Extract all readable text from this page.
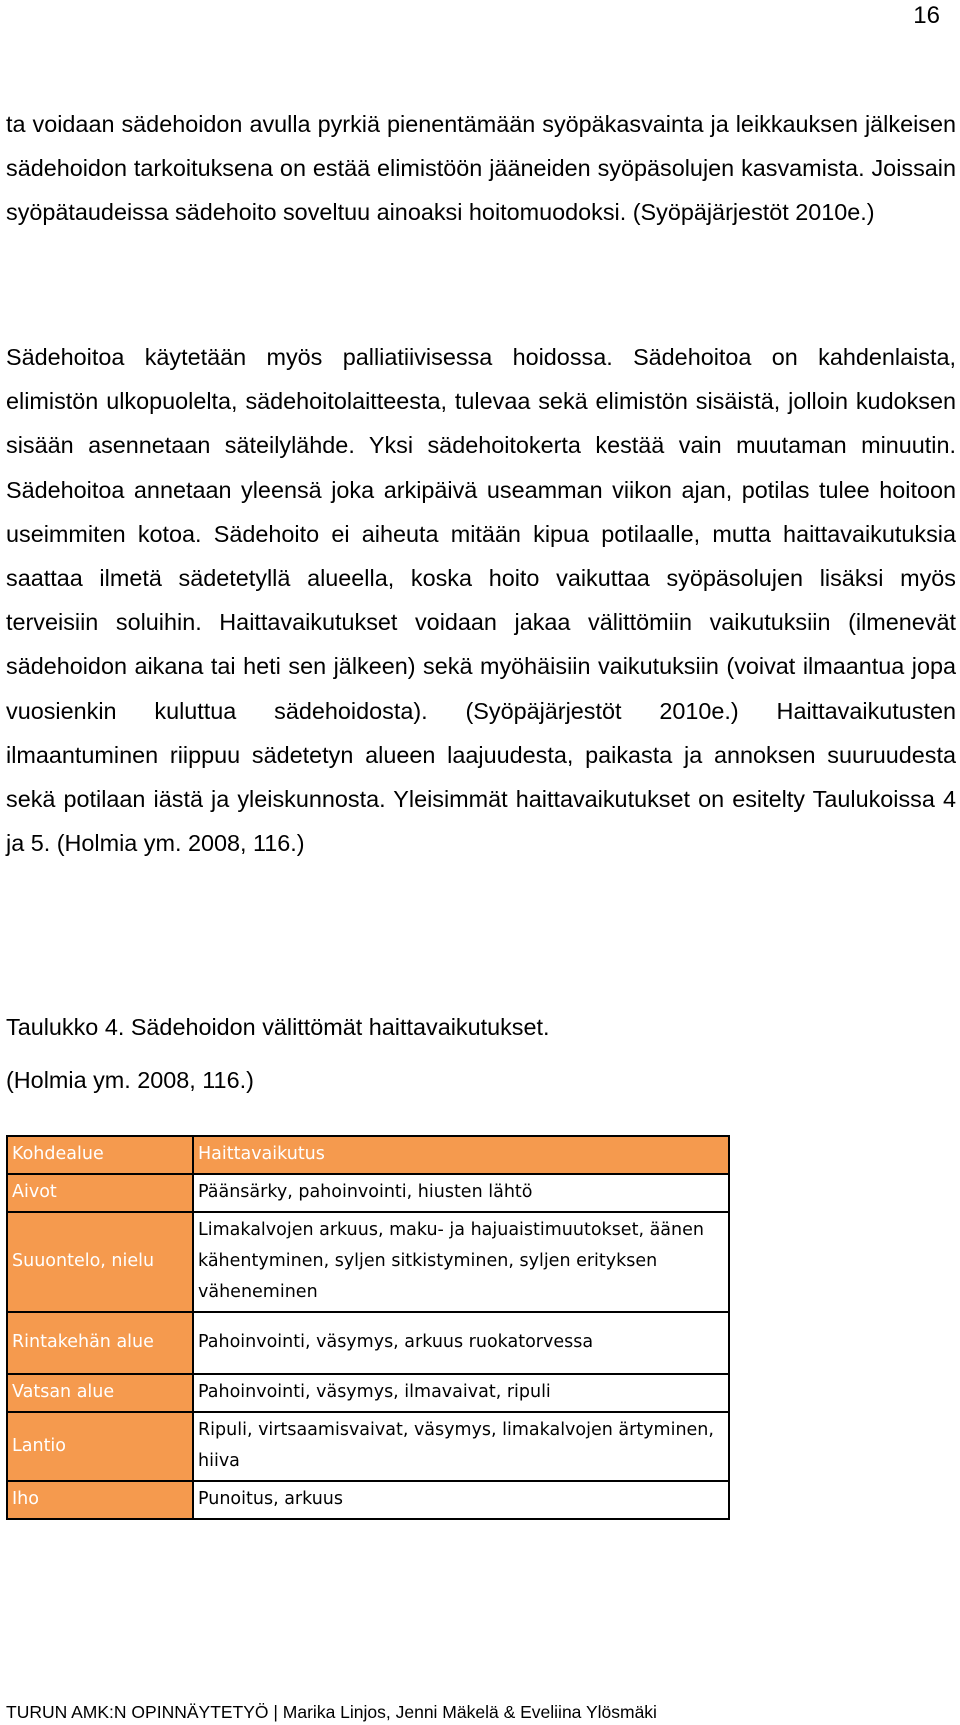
16

ta voidaan sädehoidon avulla pyrkiä pienentämään syöpäkasvainta ja leikkauksen jälkeisen sädehoidon tarkoituksena on estää elimistöön jääneiden syöpäsolujen kasvamista. Joissain syöpätaudeissa sädehoito soveltuu ainoaksi hoitomuodoksi. (Syöpäjärjestöt 2010e.)

Sädehoitoa käytetään myös palliatiivisessa hoidossa. Sädehoitoa on kahdenlaista, elimistön ulkopuolelta, sädehoitolaitteesta, tulevaa sekä elimistön sisäistä, jolloin kudoksen sisään asennetaan säteilylähde. Yksi sädehoitokerta kestää vain muutaman minuutin. Sädehoitoa annetaan yleensä joka arkipäivä useamman viikon ajan, potilas tulee hoitoon useimmiten kotoa. Sädehoito ei aiheuta mitään kipua potilaalle, mutta haittavaikutuksia saattaa ilmetä sädetetyllä alueella, koska hoito vaikuttaa syöpäsolujen lisäksi myös terveisiin soluihin. Haittavaikutukset voidaan jakaa välittömiin vaikutuksiin (ilmenevät sädehoidon aikana tai heti sen jälkeen) sekä myöhäisiin vaikutuksiin (voivat ilmaantua jopa vuosienkin kuluttua sädehoidosta). (Syöpäjärjestöt 2010e.) Haittavaikutusten ilmaantuminen riippuu sädetetyn alueen laajuudesta, paikasta ja annoksen suuruudesta sekä potilaan iästä ja yleiskunnosta. Yleisimmät haittavaikutukset on esitelty Taulukoissa 4 ja 5. (Holmia ym. 2008, 116.)

Taulukko 4. Sädehoidon välittömät haittavaikutukset.

(Holmia ym. 2008, 116.)

Kohdealue	Haittavaikutus
Aivot	Päänsärky, pahoinvointi, hiusten lähtö
Suuontelo, nielu	Limakalvojen arkuus, maku- ja hajuaistimuutokset, äänen kähentyminen, syljen sitkistyminen, syljen erityksen väheneminen
Rintakehän alue	Pahoinvointi, väsymys, arkuus ruokatorvessa
Vatsan alue	Pahoinvointi, väsymys, ilmavaivat, ripuli
Lantio	Ripuli, virtsaamisvaivat, väsymys, limakalvojen ärtyminen, hiiva
Iho	Punoitus, arkuus
TURUN AMK:N OPINNÄYTETYÖ | Marika Linjos, Jenni Mäkelä & Eveliina Ylösmäki
